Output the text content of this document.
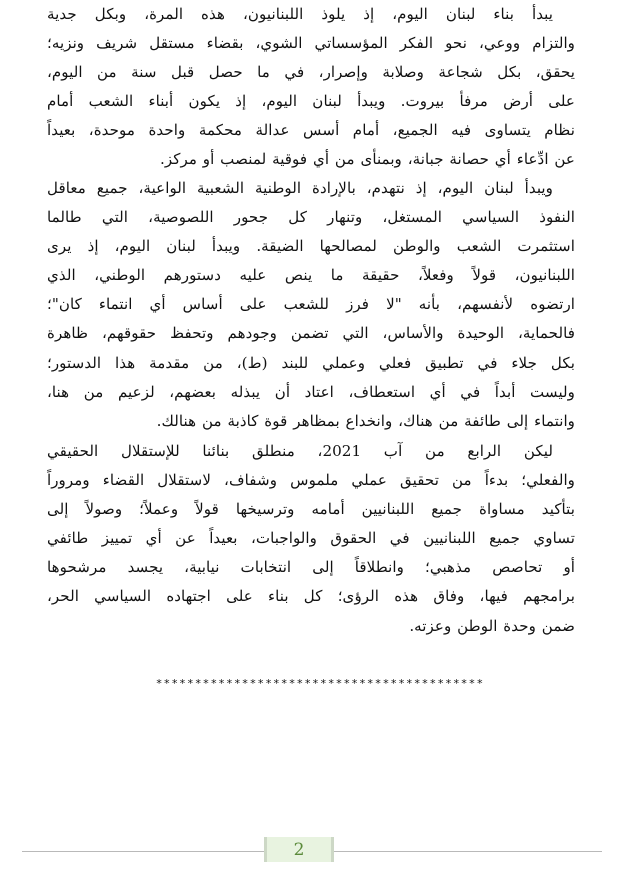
يبدأ بناء لبنان اليوم، إذ يلوذ اللبنانيون، هذه المرة، وبكل جدية
والتزام ووعي، نحو الفكر المؤسساتي الشوي، بقضاء مستقل شريف ونزيه؛
يحقق، بكل شجاعة وصلابة وإصرار، في ما حصل قبل سنة من اليوم،
على أرض مرفأ بيروت. ويبدأ لبنان اليوم، إذ يكون أبناء الشعب أمام
نظام يتساوى فيه الجميع، أمام أسس عدالة محكمة واحدة موحدة، بعيداً
عن ادِّعاء أي حصانة جبانة، وبمنأى من أي فوقية لمنصب أو مركز.

ويبدأ لبنان اليوم، إذ نتهدم، بالإرادة الوطنية الشعبية الواعية، جميع معاقل
النفوذ السياسي المستغل، وتنهار كل جحور اللصوصية، التي طالما
استثمرت الشعب والوطن لمصالحها الضيقة. ويبدأ لبنان اليوم، إذ يرى
اللبنانيون، قولاً وفعلاً، حقيقة ما ينص عليه دستورهم الوطني، الذي
ارتضوه لأنفسهم، بأنه "لا فرز للشعب على أساس أي انتماء كان"؛
فالحماية، الوحيدة والأساس، التي تضمن وجودهم وتحفظ حقوقهم، ظاهرة
بكل جلاء في تطبيق فعلي وعملي للبند (ط)، من مقدمة هذا الدستور؛
وليست أبداً في أي استعطاف، اعتاد أن يبذله بعضهم، لزعيم من هنا،
وانتماء إلى طائفة من هناك، وانخداع بمظاهر قوة كاذبة من هنالك.

ليكن الرابع من آب 2021، منطلق بنائنا للإستقلال الحقيقي
والفعلي؛ بدءاً من تحقيق عملي ملموس وشفاف، لاستقلال القضاء ومروراً
بتأكيد مساواة جميع اللبنانيين أمامه وترسيخها قولاً وعملاً؛ وصولاً إلى
تساوي جميع اللبنانيين في الحقوق والواجبات، بعيداً عن أي تمييز طائفي
أو تحاصص مذهبي؛ وانطلاقاً إلى انتخابات نيابية، يجسد مرشحوها
برامجهم فيها، وفاق هذه الرؤى؛ كل بناء على اجتهاده السياسي الحر،
ضمن وحدة الوطن وعزته.

******************************************
2
